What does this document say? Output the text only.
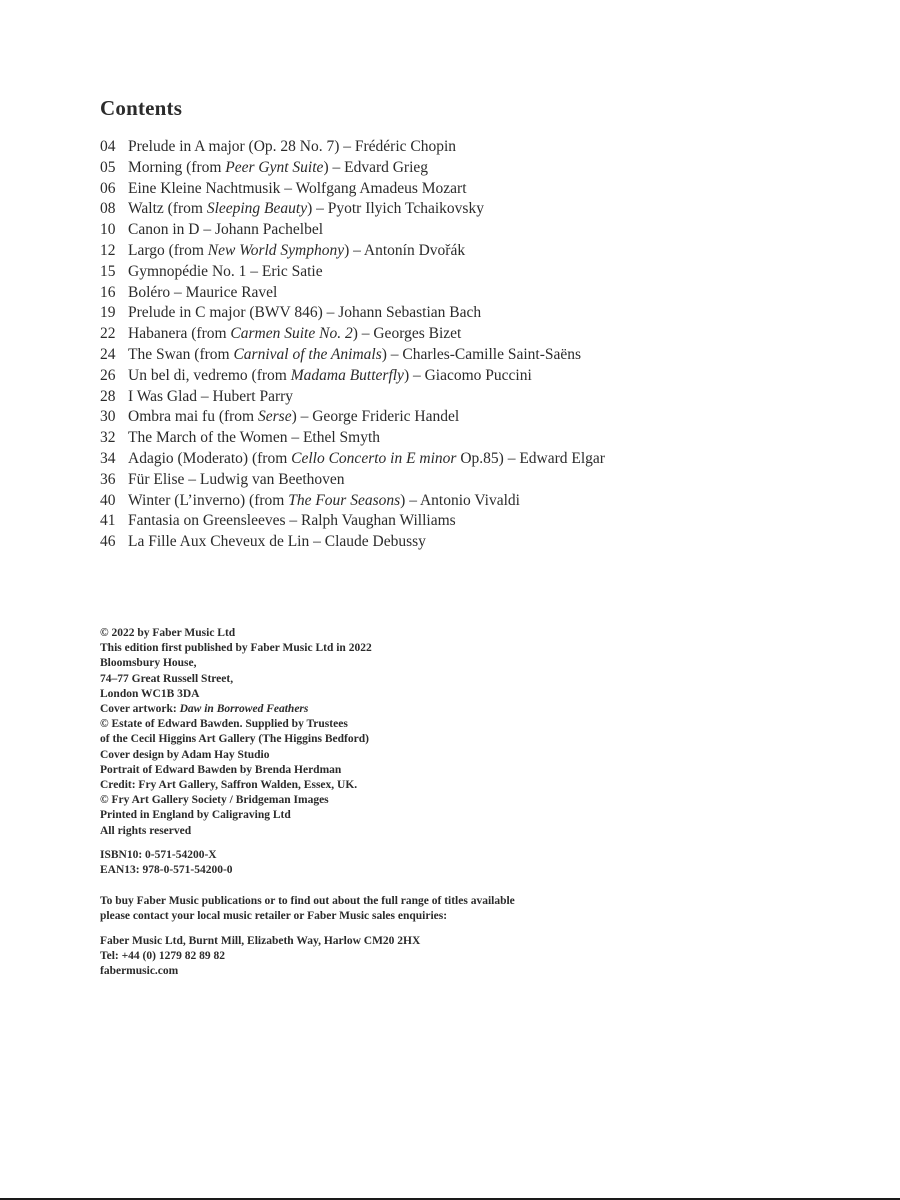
Contents
04 Prelude in A major (Op. 28 No. 7) – Frédéric Chopin
05 Morning (from Peer Gynt Suite) – Edvard Grieg
06 Eine Kleine Nachtmusik – Wolfgang Amadeus Mozart
08 Waltz (from Sleeping Beauty) – Pyotr Ilyich Tchaikovsky
10 Canon in D – Johann Pachelbel
12 Largo (from New World Symphony) – Antonín Dvořák
15 Gymnopédie No. 1 – Eric Satie
16 Boléro – Maurice Ravel
19 Prelude in C major (BWV 846) – Johann Sebastian Bach
22 Habanera (from Carmen Suite No. 2) – Georges Bizet
24 The Swan (from Carnival of the Animals) – Charles-Camille Saint-Saëns
26 Un bel di, vedremo (from Madama Butterfly) – Giacomo Puccini
28 I Was Glad – Hubert Parry
30 Ombra mai fu (from Serse) – George Frideric Handel
32 The March of the Women – Ethel Smyth
34 Adagio (Moderato) (from Cello Concerto in E minor Op.85) – Edward Elgar
36 Für Elise – Ludwig van Beethoven
40 Winter (L’inverno) (from The Four Seasons) – Antonio Vivaldi
41 Fantasia on Greensleeves – Ralph Vaughan Williams
46 La Fille Aux Cheveux de Lin – Claude Debussy
© 2022 by Faber Music Ltd
This edition first published by Faber Music Ltd in 2022
Bloomsbury House,
74–77 Great Russell Street,
London WC1B 3DA
Cover artwork: Daw in Borrowed Feathers
© Estate of Edward Bawden. Supplied by Trustees
of the Cecil Higgins Art Gallery (The Higgins Bedford)
Cover design by Adam Hay Studio
Portrait of Edward Bawden by Brenda Herdman
Credit: Fry Art Gallery, Saffron Walden, Essex, UK.
© Fry Art Gallery Society / Bridgeman Images
Printed in England by Caligraving Ltd
All rights reserved
ISBN10: 0-571-54200-X
EAN13: 978-0-571-54200-0
To buy Faber Music publications or to find out about the full range of titles available
please contact your local music retailer or Faber Music sales enquiries:
Faber Music Ltd, Burnt Mill, Elizabeth Way, Harlow CM20 2HX
Tel: +44 (0) 1279 82 89 82
fabermusic.com
